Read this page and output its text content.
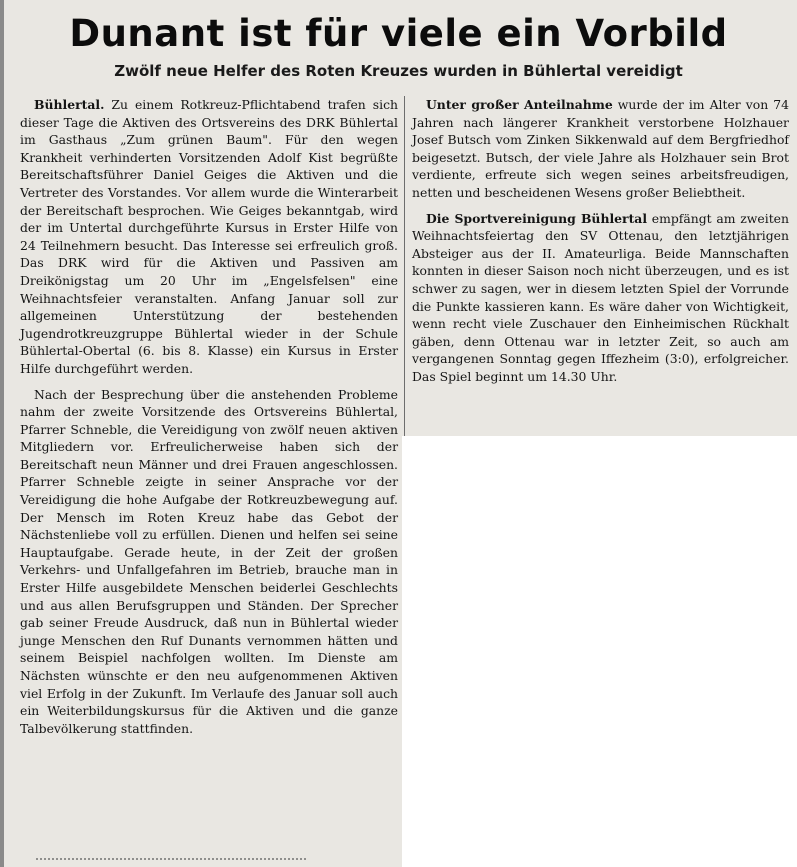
Dunant ist für viele ein Vorbild
Zwölf neue Helfer des Roten Kreuzes wurden in Bühlertal vereidigt

Bühlertal. Zu einem Rotkreuz-Pflichtabend trafen sich dieser Tage die Aktiven des Ortsvereins des DRK Bühlertal im Gasthaus „Zum grünen Baum". Für den wegen Krankheit verhinderten Vorsitzenden Adolf Kist begrüßte Bereitschaftsführer Daniel Geiges die Aktiven und die Vertreter des Vorstandes. Vor allem wurde die Winterarbeit der Bereitschaft besprochen. Wie Geiges bekanntgab, wird der im Untertal durchgeführte Kursus in Erster Hilfe von 24 Teilnehmern besucht. Das Interesse sei erfreulich groß. Das DRK wird für die Aktiven und Passiven am Dreikönigstag um 20 Uhr im „Engelsfelsen" eine Weihnachtsfeier veranstalten. Anfang Januar soll zur allgemeinen Unterstützung der bestehenden Jugendrotkreuzgruppe Bühlertal wieder in der Schule Bühlertal-Obertal (6. bis 8. Klasse) ein Kursus in Erster Hilfe durchgeführt werden.

Nach der Besprechung über die anstehenden Probleme nahm der zweite Vorsitzende des Ortsvereins Bühlertal, Pfarrer Schneble, die Vereidigung von zwölf neuen aktiven Mitgliedern vor. Erfreulicherweise haben sich der Bereitschaft neun Männer und drei Frauen angeschlossen. Pfarrer Schneble zeigte in seiner Ansprache vor der Vereidigung die hohe Aufgabe der Rotkreuzbewegung auf. Der Mensch im Roten Kreuz habe das Gebot der Nächstenliebe voll zu erfüllen. Dienen und helfen sei seine Hauptaufgabe. Gerade heute, in der Zeit der großen Verkehrs- und Unfallgefahren im Betrieb, brauche man in Erster Hilfe ausgebildete Menschen beiderlei Geschlechts und aus allen Berufsgruppen und Ständen. Der Sprecher gab seiner Freude Ausdruck, daß nun in Bühlertal wieder junge Menschen den Ruf Dunants vernommen hätten und seinem Beispiel nachfolgen wollten. Im Dienste am Nächsten wünschte er den neu aufgenommenen Aktiven viel Erfolg in der Zukunft. Im Verlaufe des Januar soll auch ein Weiterbildungskursus für die Aktiven und die ganze Talbevölkerung stattfinden.

Unter großer Anteilnahme wurde der im Alter von 74 Jahren nach längerer Krankheit verstorbene Holzhauer Josef Butsch vom Zinken Sikkenwald auf dem Bergfriedhof beigesetzt. Butsch, der viele Jahre als Holzhauer sein Brot verdiente, erfreute sich wegen seines arbeitsfreudigen, netten und bescheidenen Wesens großer Beliebtheit.

Die Sportvereinigung Bühlertal empfängt am zweiten Weihnachtsfeiertag den SV Ottenau, den letztjährigen Absteiger aus der II. Amateurliga. Beide Mannschaften konnten in dieser Saison noch nicht überzeugen, und es ist schwer zu sagen, wer in diesem letzten Spiel der Vorrunde die Punkte kassieren kann. Es wäre daher von Wichtigkeit, wenn recht viele Zuschauer den Einheimischen Rückhalt gäben, denn Ottenau war in letzter Zeit, so auch am vergangenen Sonntag gegen Iffezheim (3:0), erfolgreicher. Das Spiel beginnt um 14.30 Uhr.
